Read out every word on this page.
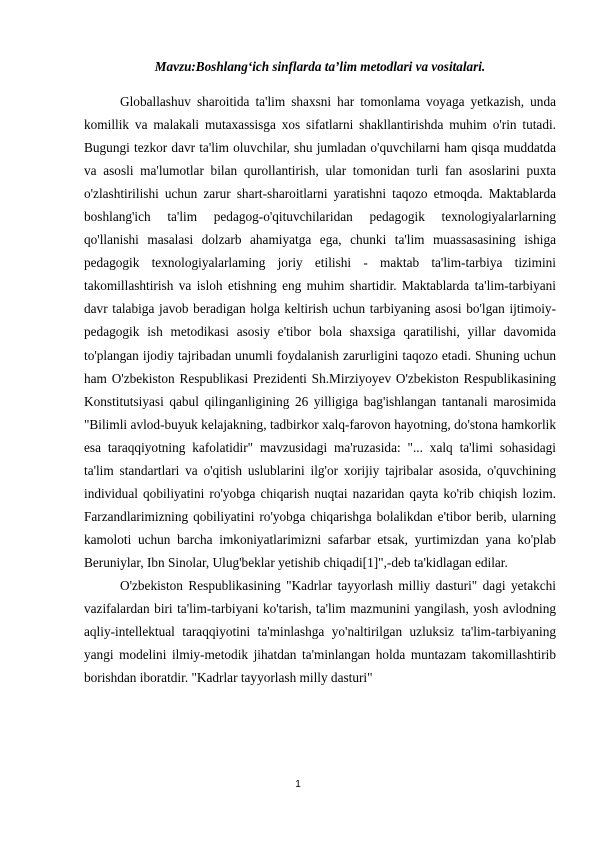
Mavzu:Boshlang‘ich sinflarda ta’lim metodlari va vositalari.

Globallashuv sharoitida ta'lim shaxsni har tomonlama voyaga yetkazish, unda komillik va malakali mutaxassisga xos sifatlarni shakllantirishda muhim o'rin tutadi. Bugungi tezkor davr ta'lim oluvchilar, shu jumladan o'quvchilarni ham qisqa muddatda va asosli ma'lumotlar bilan qurollantirish, ular tomonidan turli fan asoslarini puxta o'zlashtirilishi uchun zarur shart-sharoitlarni yaratishni taqozo etmoqda. Maktablarda boshlang'ich ta'lim pedagog-o'qituvchilaridan pedagogik texnologiyalarlarning qo'llanishi masalasi dolzarb ahamiyatga ega, chunki ta'lim muassasasining ishiga pedagogik texnologiyalarlaming joriy etilishi - maktab ta'lim-tarbiya tizimini takomillashtirish va isloh etishning eng muhim shartidir. Maktablarda ta'lim-tarbiyani davr talabiga javob beradigan holga keltirish uchun tarbiyaning asosi bo'lgan ijtimoiy-pedagogik ish metodikasi asosiy e'tibor bola shaxsiga qaratilishi, yillar davomida to'plangan ijodiy tajribadan unumli foydalanish zarurligini taqozo etadi. Shuning uchun ham O'zbekiston Respublikasi Prezidenti Sh.Mirziyoyev O'zbekiston Respublikasining Konstitutsiyasi qabul qilinganligining 26 yilligiga bag'ishlangan tantanali marosimida "Bilimli avlod-buyuk kelajakning, tadbirkor xalq-farovon hayotning, do'stona hamkorlik esa taraqqiyotning kafolatidir" mavzusidagi ma'ruzasida: "... xalq ta'limi sohasidagi ta'lim standartlari va o'qitish uslublarini ilg'or xorijiy tajribalar asosida, o'quvchining individual qobiliyatini ro'yobga chiqarish nuqtai nazaridan qayta ko'rib chiqish lozim. Farzandlarimizning qobiliyatini ro'yobga chiqarishga bolalikdan e'tibor berib, ularning kamoloti uchun barcha imkoniyatlarimizni safarbar etsak, yurtimizdan yana ko'plab Beruniylar, Ibn Sinolar, Ulug'beklar yetishib chiqadi[1]",-deb ta'kidlagan edilar.

O'zbekiston Respublikasining "Kadrlar tayyorlash milliy dasturi" dagi yetakchi vazifalardan biri ta'lim-tarbiyani ko'tarish, ta'lim mazmunini yangilash, yosh avlodning aqliy-intellektual taraqqiyotini ta'minlashga yo'naltirilgan uzluksiz ta'lim-tarbiyaning yangi modelini ilmiy-metodik jihatdan ta'minlangan holda muntazam takomillashtirib borishdan iboratdir. "Kadrlar tayyorlash milly dasturi"

1
